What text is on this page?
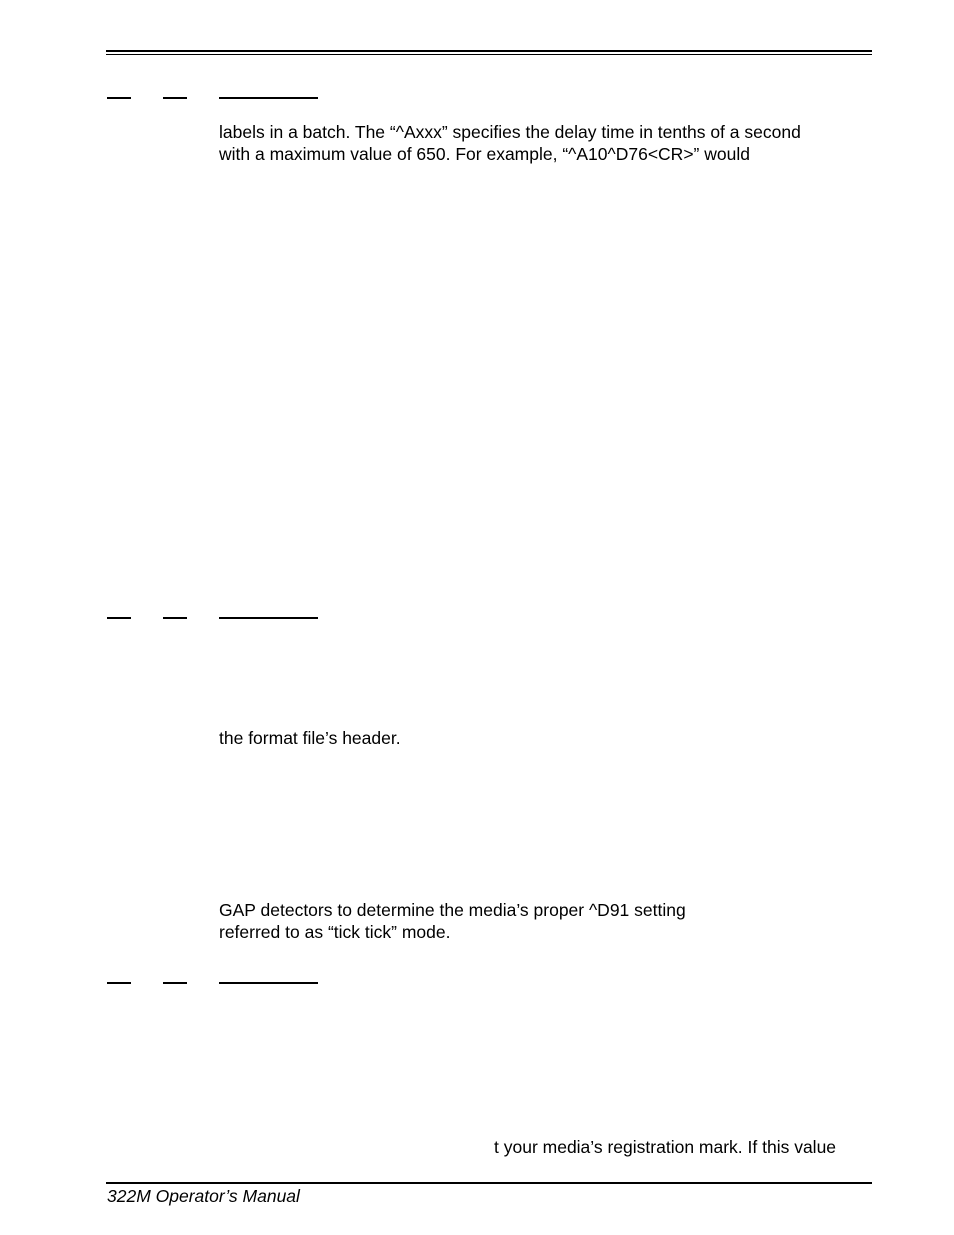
labels in a batch. The “^Axxx” specifies the delay time in tenths of a second
with a maximum value of 650. For example, “^A10^D76<CR>” would
the format file’s header.
GAP detectors to determine the media’s proper ^D91 setting
referred to as “tick tick” mode.
t your media’s registration mark. If this value
322M Operator’s Manual
